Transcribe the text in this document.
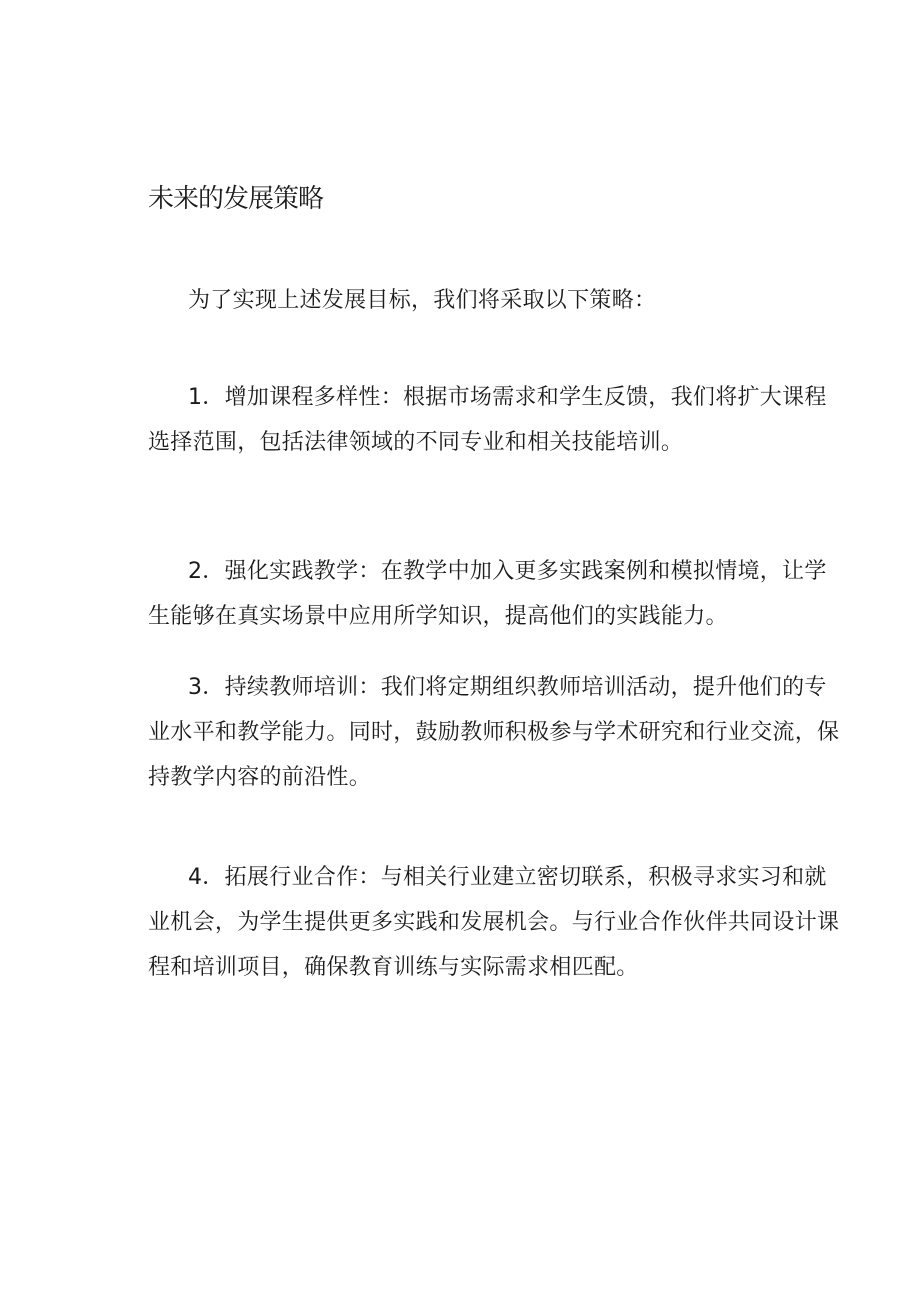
未来的发展策略
为了实现上述发展目标，我们将采取以下策略：
1．增加课程多样性：根据市场需求和学生反馈，我们将扩大课程
选择范围，包括法律领域的不同专业和相关技能培训。
2．强化实践教学：在教学中加入更多实践案例和模拟情境，让学
生能够在真实场景中应用所学知识，提高他们的实践能力。
3．持续教师培训：我们将定期组织教师培训活动，提升他们的专
业水平和教学能力。同时，鼓励教师积极参与学术研究和行业交流，保
持教学内容的前沿性。
4．拓展行业合作：与相关行业建立密切联系，积极寻求实习和就
业机会，为学生提供更多实践和发展机会。与行业合作伙伴共同设计课
程和培训项目，确保教育训练与实际需求相匹配。
